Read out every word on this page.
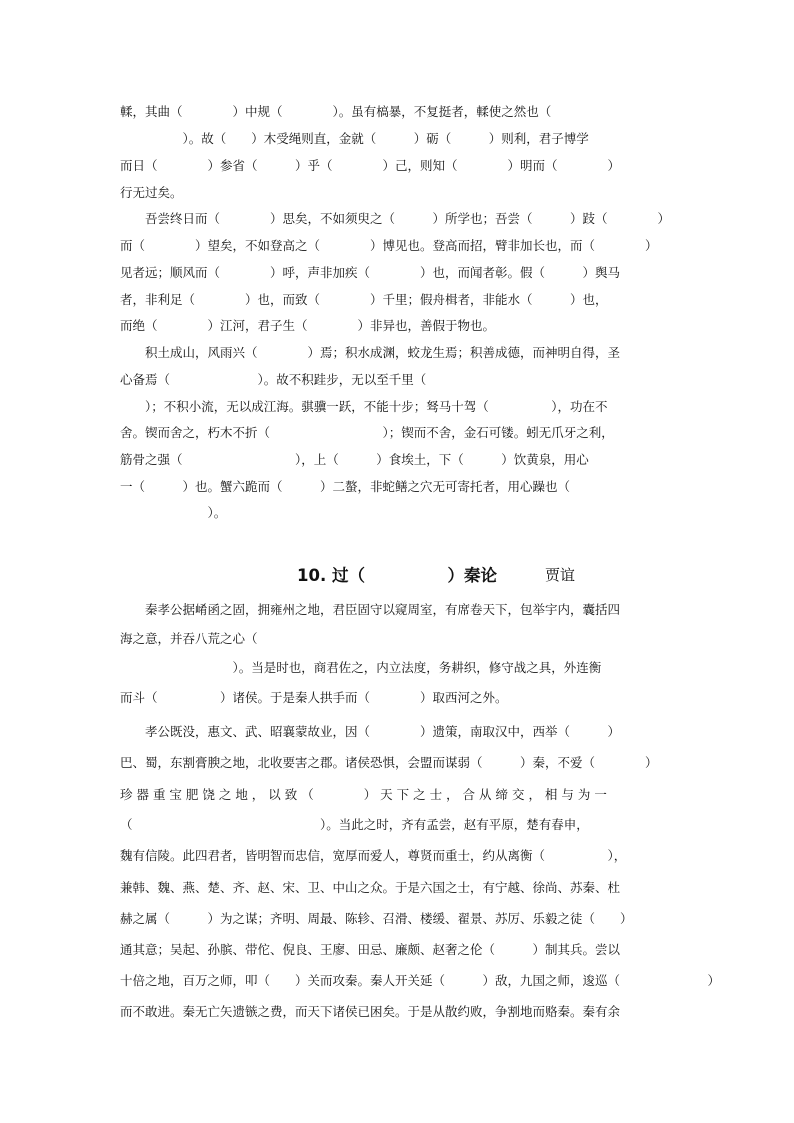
輮，其曲（　　　　）中规（　　　　）。虽有槁暴，不复挺者，輮使之然也（
　　　　　）。故（　　）木受绳则直，金就（　　　）砺（　　　）则利，君子博学
而日（　　　　）参省（　　　）乎（　　　　）己，则知（　　　　）明而（　　　　）
行无过矣。
　　吾尝终日而（　　　　）思矣，不如须臾之（　　　）所学也；吾尝（　　　）跂（　　　　）
而（　　　　）望矣，不如登高之（　　　　）博见也。登高而招，臂非加长也，而（　　　　）
见者远；顺风而（　　　　）呼，声非加疾（　　　　）也，而闻者彰。假（　　　）舆马
者，非利足（　　　　）也，而致（　　　　）千里；假舟楫者，非能水（　　　）也，
而绝（　　　　）江河，君子生（　　　　）非异也，善假于物也。
　　积土成山，风雨兴（　　　　）焉；积水成渊，蛟龙生焉；积善成德，而神明自得，圣
心备焉（　　　　　　　）。故不积跬步，无以至千里（
　　）；不积小流，无以成江海。骐骥一跃，不能十步；驽马十驾（　　　　　），功在不
舍。锲而舍之，朽木不折（　　　　　　　　　）；锲而不舍，金石可镂。蚓无爪牙之利，
筋骨之强（　　　　　　　　　），上（　　　）食埃土，下（　　　）饮黄泉，用心
一（　　　）也。蟹六跪而（　　　）二螯，非蛇鳝之穴无可寄托者，用心躁也（
　　　　　　　）。
10. 过（　　　　　）秦论	贾谊
　　秦孝公据崤函之固，拥雍州之地，君臣固守以窥周室，有席卷天下，包举宇内，囊括四
海之意，并吞八荒之心（
　　　　　　　　　）。当是时也，商君佐之，内立法度，务耕织，修守战之具，外连衡
而斗（　　　　　）诸侯。于是秦人拱手而（　　　　）取西河之外。
　　孝公既没，惠文、武、昭襄蒙故业，因（　　　　）遗策，南取汉中，西举（　　　）
巴、蜀，东割膏腴之地，北收要害之郡。诸侯恐惧，会盟而谋弱（　　　）秦，不爱（　　　　）
珍 器 重 宝 肥 饶 之 地 ， 以 致 （　　　　） 天 下 之 士 ， 合 从 缔 交 ， 相 与 为 一
（　　　　　　　　　　　　　　　）。当此之时，齐有孟尝，赵有平原，楚有春申，
魏有信陵。此四君者，皆明智而忠信，宽厚而爱人，尊贤而重士，约从离衡（　　　　　），
兼韩、魏、燕、楚、齐、赵、宋、卫、中山之众。于是六国之士，有宁越、徐尚、苏秦、杜
赫之属（　　　）为之谋；齐明、周最、陈轸、召滑、楼缓、翟景、苏厉、乐毅之徒（　　）
通其意；吴起、孙膑、带佗、倪良、王廖、田忌、廉颇、赵奢之伦（　　　）制其兵。尝以
十倍之地，百万之师，叩（　　）关而攻秦。秦人开关延（　　　）敌，九国之师，逡巡（　　　　　　　）
而不敢进。秦无亡矢遗镞之费，而天下诸侯已困矣。于是从散约败，争割地而赂秦。秦有余
